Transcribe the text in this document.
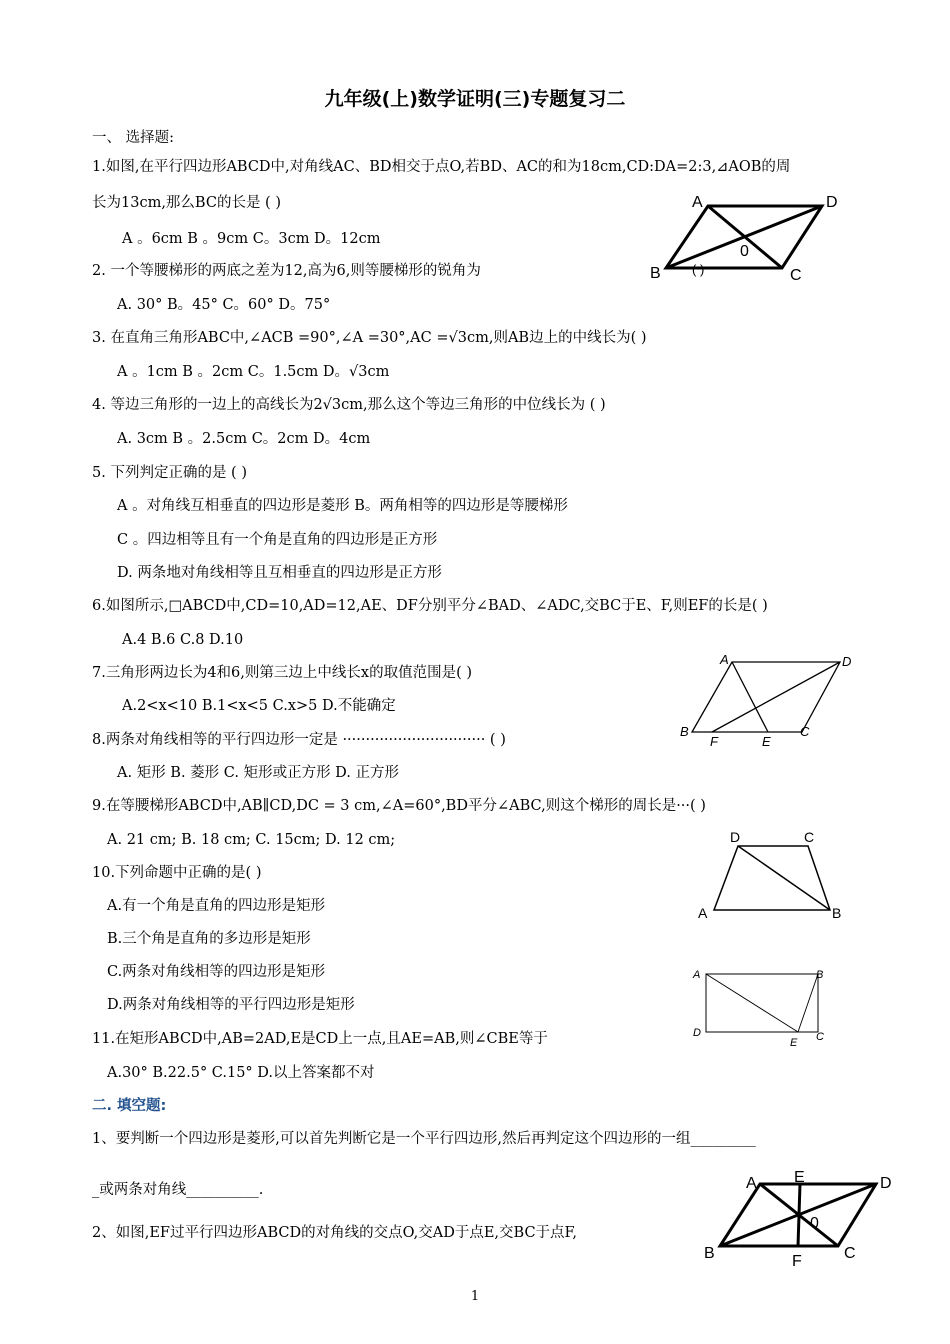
九年级(上)数学证明(三)专题复习二
一、 选择题:
1.如图,在平行四边形ABCD中,对角线AC、BD相交于点O,若BD、AC的和为18cm,CD:DA=2:3,⊿AOB的周
长为13cm,那么BC的长是 ( )
A 。6cm B 。9cm C。3cm D。12cm
2. 一个等腰梯形的两底之差为12,高为6,则等腰梯形的锐角为
A. 30° B。45° C。60° D。75°
3. 在直角三角形ABC中,∠ACB =90°,∠A =30°,AC =√3cm,则AB边上的中线长为( )
A 。1cm B 。2cm C。1.5cm D。√3cm
4. 等边三角形的一边上的高线长为2√3cm,那么这个等边三角形的中位线长为 ( )
A. 3cm B 。2.5cm C。2cm D。4cm
5. 下列判定正确的是 ( )
A 。对角线互相垂直的四边形是菱形 B。两角相等的四边形是等腰梯形
C 。四边相等且有一个角是直角的四边形是正方形
D. 两条地对角线相等且互相垂直的四边形是正方形
6.如图所示,□ABCD中,CD=10,AD=12,AE、DF分别平分∠BAD、∠ADC,交BC于E、F,则EF的长是( )
A.4 B.6 C.8 D.10
7.三角形两边长为4和6,则第三边上中线长x的取值范围是( )
A.2<x<10 B.1<x<5 C.x>5 D.不能确定
8.两条对角线相等的平行四边形一定是 ······························· ( )
A. 矩形 B. 菱形 C. 矩形或正方形 D. 正方形
9.在等腰梯形ABCD中,AB∥CD,DC = 3 cm,∠A=60°,BD平分∠ABC,则这个梯形的周长是···( )
A. 21 cm; B. 18 cm; C. 15cm; D. 12 cm;
10.下列命题中正确的是( )
A.有一个角是直角的四边形是矩形
B.三个角是直角的多边形是矩形
C.两条对角线相等的四边形是矩形
D.两条对角线相等的平行四边形是矩形
11.在矩形ABCD中,AB=2AD,E是CD上一点,且AE=AB,则∠CBE等于
A.30° B.22.5° C.15° D.以上答案都不对
二. 填空题:
1、要判断一个四边形是菱形,可以首先判断它是一个平行四边形,然后再判定这个四边形的一组_________
_或两条对角线__________.
2、如图,EF过平行四边形ABCD的对角线的交点O,交AD于点E,交BC于点F,
A	D
B	C
0
( )
A	D
B
F	E
C
D	C
A	B
A	B
D
E C
A E	D
0
B	F	C
1
